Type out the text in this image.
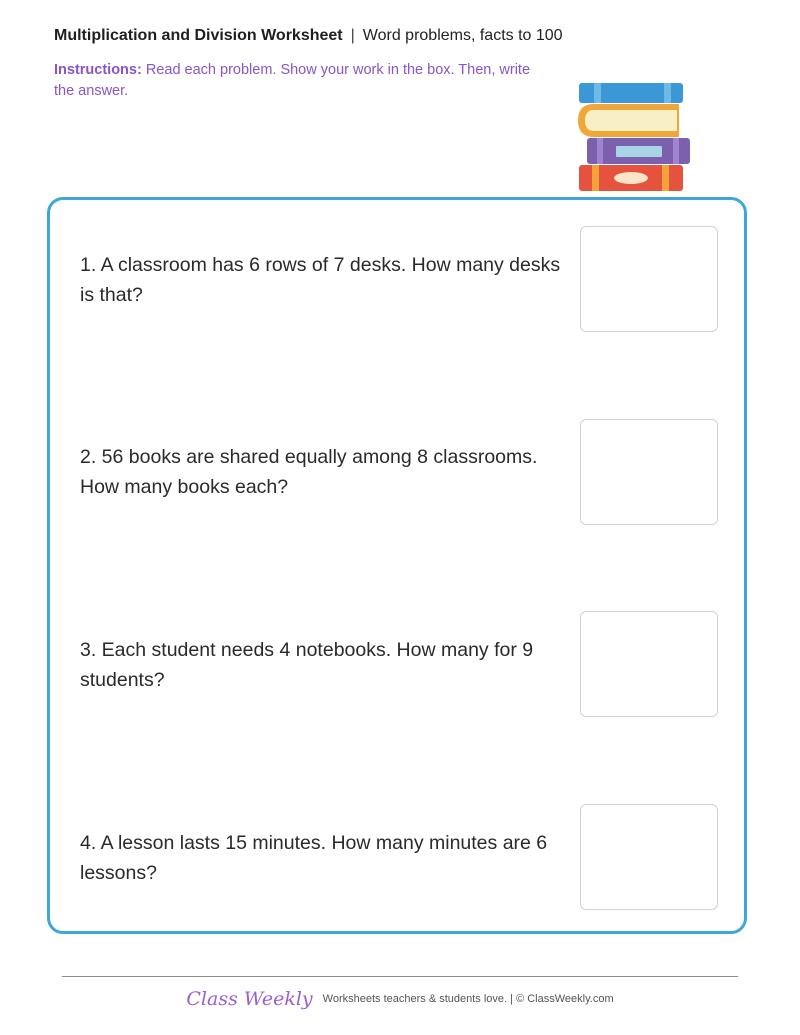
Multiplication and Division Worksheet | Word problems, facts to 100
Instructions: Read each problem. Show your work in the box. Then, write the answer.
1. A classroom has 6 rows of 7 desks. How many desks is that?
2. 56 books are shared equally among 8 classrooms. How many books each?
3. Each student needs 4 notebooks. How many for 9 students?
4. A lesson lasts 15 minutes. How many minutes are 6 lessons?
Class Weekly Worksheets teachers & students love. | © ClassWeekly.com
